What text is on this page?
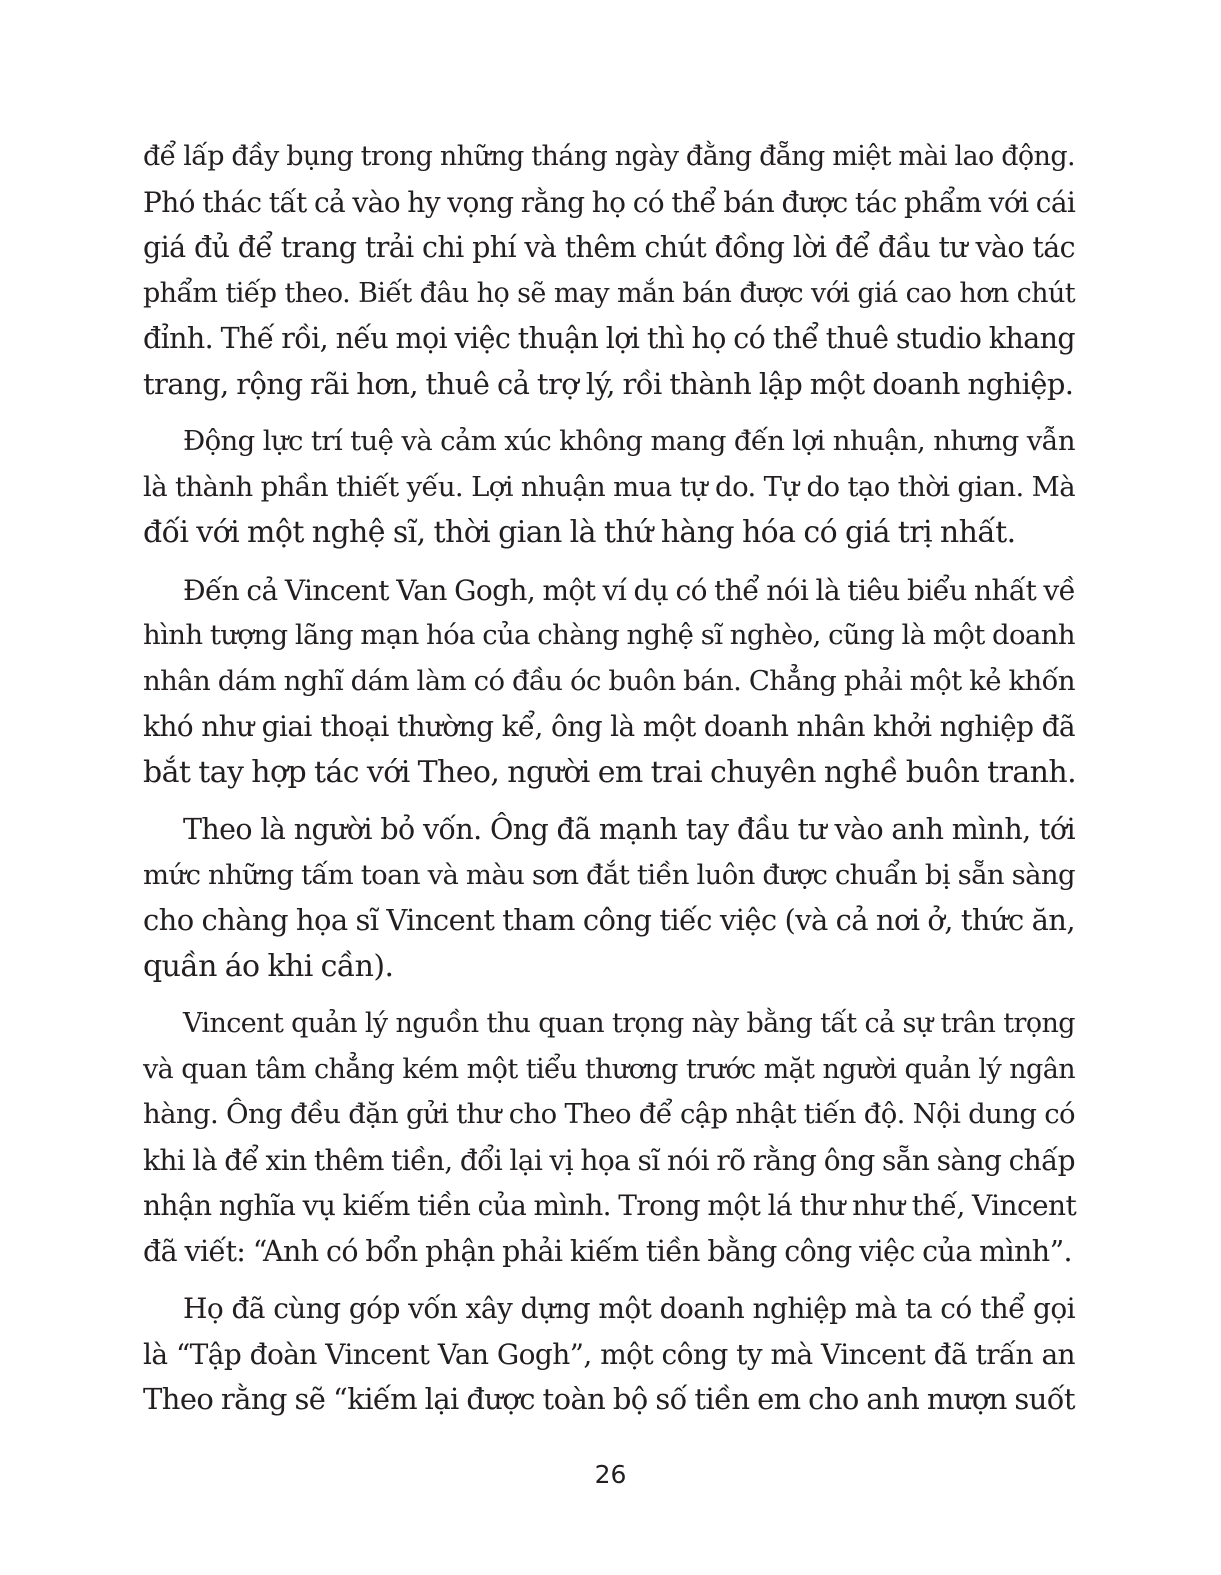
để lấp đầy bụng trong những tháng ngày đằng đẵng miệt mài lao động.
Phó thác tất cả vào hy vọng rằng họ có thể bán được tác phẩm với cái
giá đủ để trang trải chi phí và thêm chút đồng lời để đầu tư vào tác
phẩm tiếp theo. Biết đâu họ sẽ may mắn bán được với giá cao hơn chút
đỉnh. Thế rồi, nếu mọi việc thuận lợi thì họ có thể thuê studio khang
trang, rộng rãi hơn, thuê cả trợ lý, rồi thành lập một doanh nghiệp.
Động lực trí tuệ và cảm xúc không mang đến lợi nhuận, nhưng vẫn
là thành phần thiết yếu. Lợi nhuận mua tự do. Tự do tạo thời gian. Mà
đối với một nghệ sĩ, thời gian là thứ hàng hóa có giá trị nhất.
Đến cả Vincent Van Gogh, một ví dụ có thể nói là tiêu biểu nhất về
hình tượng lãng mạn hóa của chàng nghệ sĩ nghèo, cũng là một doanh
nhân dám nghĩ dám làm có đầu óc buôn bán. Chẳng phải một kẻ khốn
khó như giai thoại thường kể, ông là một doanh nhân khởi nghiệp đã
bắt tay hợp tác với Theo, người em trai chuyên nghề buôn tranh.
Theo là người bỏ vốn. Ông đã mạnh tay đầu tư vào anh mình, tới
mức những tấm toan và màu sơn đắt tiền luôn được chuẩn bị sẵn sàng
cho chàng họa sĩ Vincent tham công tiếc việc (và cả nơi ở, thức ăn,
quần áo khi cần).
Vincent quản lý nguồn thu quan trọng này bằng tất cả sự trân trọng
và quan tâm chẳng kém một tiểu thương trước mặt người quản lý ngân
hàng. Ông đều đặn gửi thư cho Theo để cập nhật tiến độ. Nội dung có
khi là để xin thêm tiền, đổi lại vị họa sĩ nói rõ rằng ông sẵn sàng chấp
nhận nghĩa vụ kiếm tiền của mình. Trong một lá thư như thế, Vincent
đã viết: “Anh có bổn phận phải kiếm tiền bằng công việc của mình”.
Họ đã cùng góp vốn xây dựng một doanh nghiệp mà ta có thể gọi
là “Tập đoàn Vincent Van Gogh”, một công ty mà Vincent đã trấn an
Theo rằng sẽ “kiếm lại được toàn bộ số tiền em cho anh mượn suốt
26
